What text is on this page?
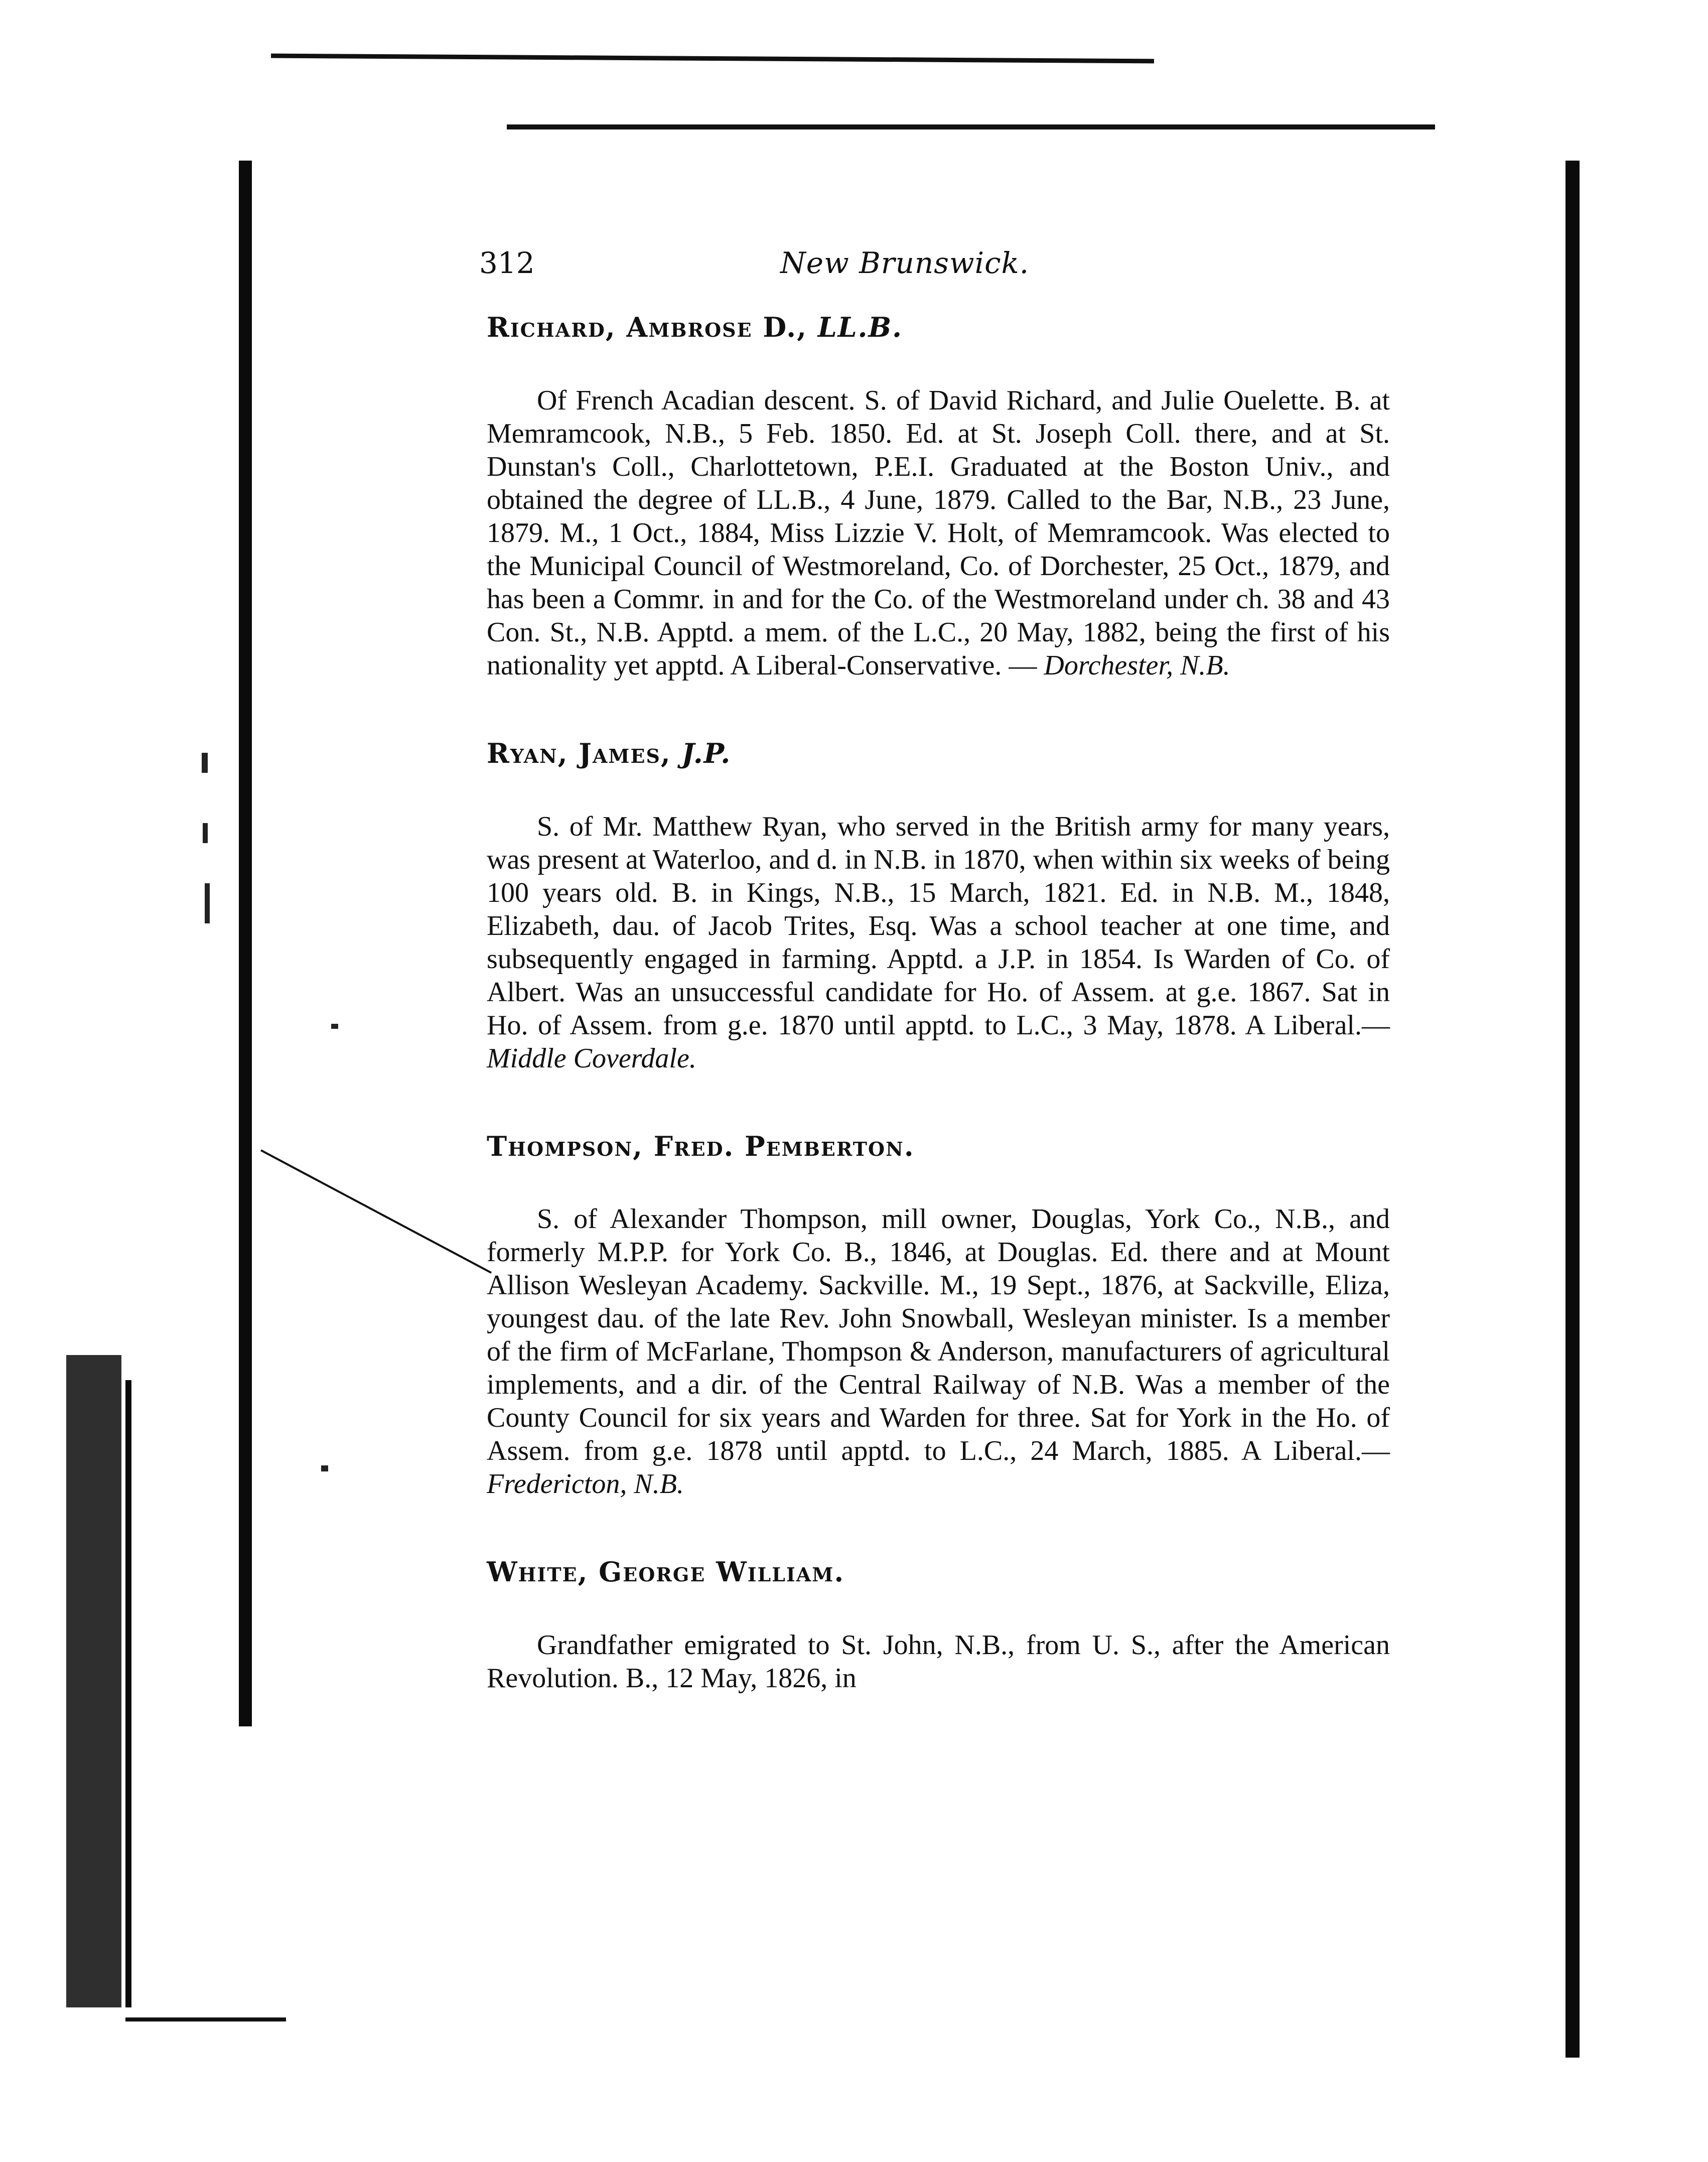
312	New Brunswick.
Richard, Ambrose D., LL.B.

Of French Acadian descent. S. of David Richard, and Julie Ouelette. B. at Memramcook, N.B., 5 Feb. 1850. Ed. at St. Joseph Coll. there, and at St. Dunstan's Coll., Charlottetown, P.E.I. Graduated at the Boston Univ., and obtained the degree of LL.B., 4 June, 1879. Called to the Bar, N.B., 23 June, 1879. M., 1 Oct., 1884, Miss Lizzie V. Holt, of Memramcook. Was elected to the Municipal Council of Westmoreland, Co. of Dorchester, 25 Oct., 1879, and has been a Commr. in and for the Co. of the Westmoreland under ch. 38 and 43 Con. St., N.B. Apptd. a mem. of the L.C., 20 May, 1882, being the first of his nationality yet apptd. A Liberal-Conservative. — Dorchester, N.B.

Ryan, James, J.P.

S. of Mr. Matthew Ryan, who served in the British army for many years, was present at Waterloo, and d. in N.B. in 1870, when within six weeks of being 100 years old. B. in Kings, N.B., 15 March, 1821. Ed. in N.B. M., 1848, Elizabeth, dau. of Jacob Trites, Esq. Was a school teacher at one time, and subsequently engaged in farming. Apptd. a J.P. in 1854. Is Warden of Co. of Albert. Was an unsuccessful candidate for Ho. of Assem. at g.e. 1867. Sat in Ho. of Assem. from g.e. 1870 until apptd. to L.C., 3 May, 1878. A Liberal.—Middle Coverdale.

Thompson, Fred. Pemberton.

S. of Alexander Thompson, mill owner, Douglas, York Co., N.B., and formerly M.P.P. for York Co. B., 1846, at Douglas. Ed. there and at Mount Allison Wesleyan Academy. Sackville. M., 19 Sept., 1876, at Sackville, Eliza, youngest dau. of the late Rev. John Snowball, Wesleyan minister. Is a member of the firm of McFarlane, Thompson & Anderson, manufacturers of agricultural implements, and a dir. of the Central Railway of N.B. Was a member of the County Council for six years and Warden for three. Sat for York in the Ho. of Assem. from g.e. 1878 until apptd. to L.C., 24 March, 1885. A Liberal.— Fredericton, N.B.

White, George William.

Grandfather emigrated to St. John, N.B., from U. S., after the American Revolution. B., 12 May, 1826, in
